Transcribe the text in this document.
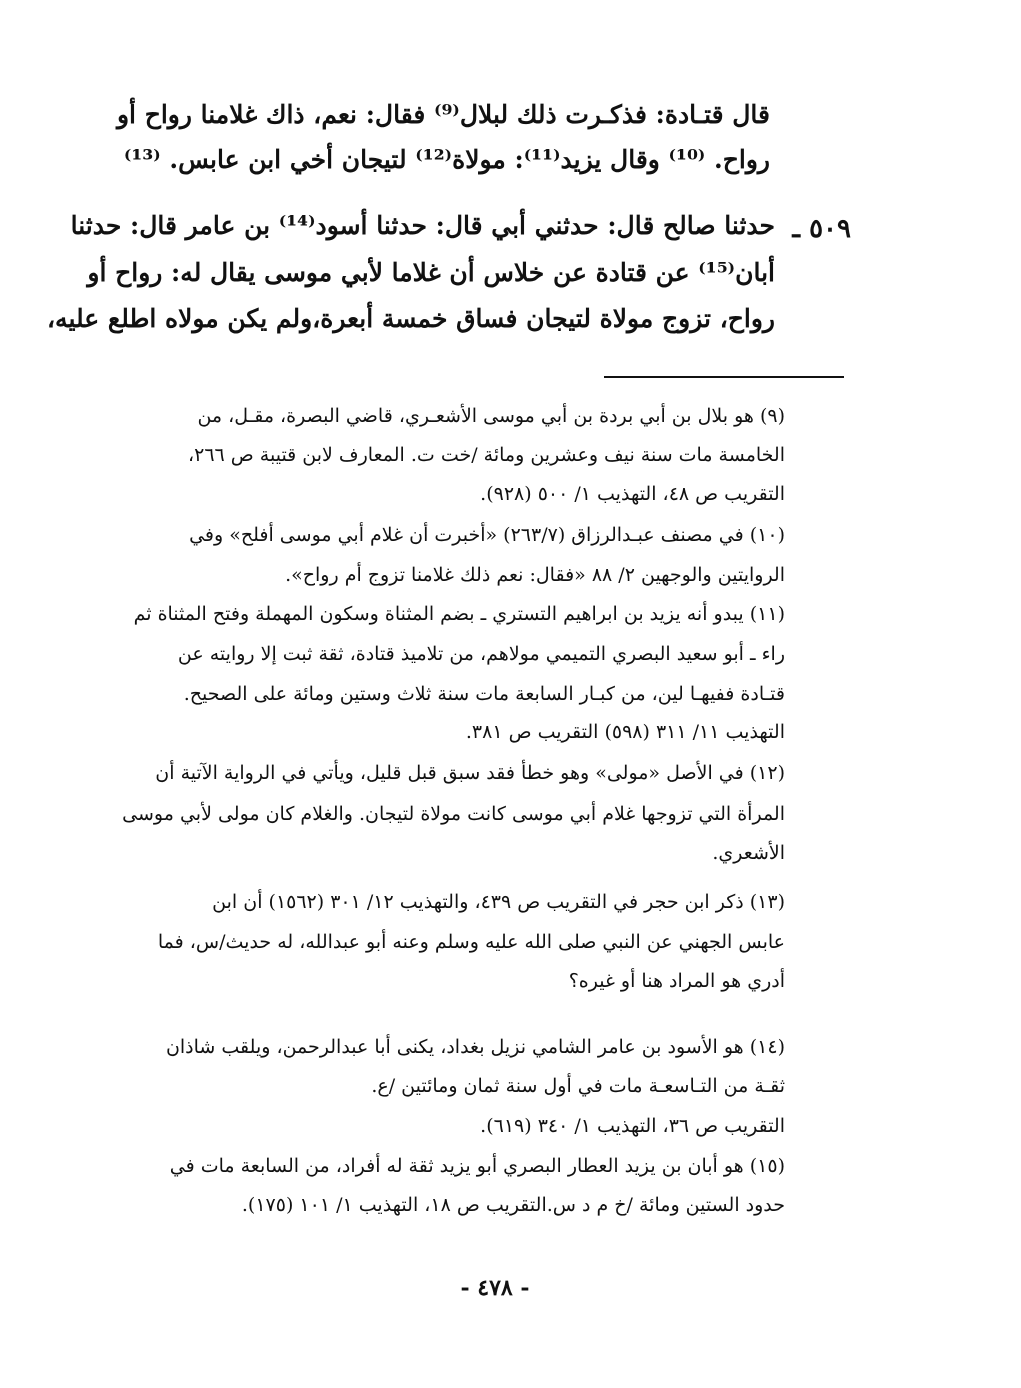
قال قتـادة: فذكـرت ذلك لبلال⁽⁹⁾ فقال: نعم، ذاك غلامنا رواح أو
رواح. ⁽¹⁰⁾ وقال يزيد⁽¹¹⁾: مولاة⁽¹²⁾ لتيجان أخي ابن عابس. ⁽¹³⁾
٥٠٩ ـ
حدثنا صالح قال: حدثني أبي قال: حدثنا أسود⁽¹⁴⁾ بن عامر قال: حدثنا
أبان⁽¹⁵⁾ عن قتادة عن خلاس أن غلاما لأبي موسى يقال له: رواح أو
رواح، تزوج مولاة لتيجان فساق خمسة أبعرة،ولم يكن مولاه اطلع عليه،
(٩) هو بلال بن أبي بردة بن أبي موسى الأشعـري، قاضي البصرة، مقـل، من
الخامسة مات سنة نيف وعشرين ومائة /خت ت. المعارف لابن قتيبة ص ٢٦٦،
التقريب ص ٤٨، التهذيب ١/ ٥٠٠ (٩٢٨).
(١٠) في مصنف عبـدالرزاق (٢٦٣/٧) «أخبرت أن غلام أبي موسى أفلح» وفي
الروايتين والوجهين ٢/ ٨٨ «فقال: نعم ذلك غلامنا تزوج أم رواح».
(١١) يبدو أنه يزيد بن ابراهيم التستري ـ بضم المثناة وسكون المهملة وفتح المثناة ثم
راء ـ أبو سعيد البصري التميمي مولاهم، من تلاميذ قتادة، ثقة ثبت إلا روايته عن
قتـادة ففيهـا لين، من كبـار السابعة مات سنة ثلاث وستين ومائة على الصحيح.
التهذيب ١١/ ٣١١ (٥٩٨) التقريب ص ٣٨١.
(١٢) في الأصل «مولى» وهو خطأ فقد سبق قبل قليل، ويأتي في الرواية الآتية أن
المرأة التي تزوجها غلام أبي موسى كانت مولاة لتيجان. والغلام كان مولى لأبي موسى
الأشعري.
(١٣) ذكر ابن حجر في التقريب ص ٤٣٩، والتهذيب ١٢/ ٣٠١ (١٥٦٢) أن ابن
عابس الجهني عن النبي صلى الله عليه وسلم وعنه أبو عبدالله، له حديث/س، فما
أدري هو المراد هنا أو غيره؟
(١٤) هو الأسود بن عامر الشامي نزيل بغداد، يكنى أبا عبدالرحمن، ويلقب شاذان
ثقـة من التـاسعـة مات في أول سنة ثمان ومائتين /ع.
التقريب ص ٣٦، التهذيب ١/ ٣٤٠ (٦١٩).
(١٥) هو أبان بن يزيد العطار البصري أبو يزيد ثقة له أفراد، من السابعة مات في
حدود الستين ومائة /خ م د س.التقريب ص ١٨، التهذيب ١/ ١٠١ (١٧٥).
- ٤٧٨ -
